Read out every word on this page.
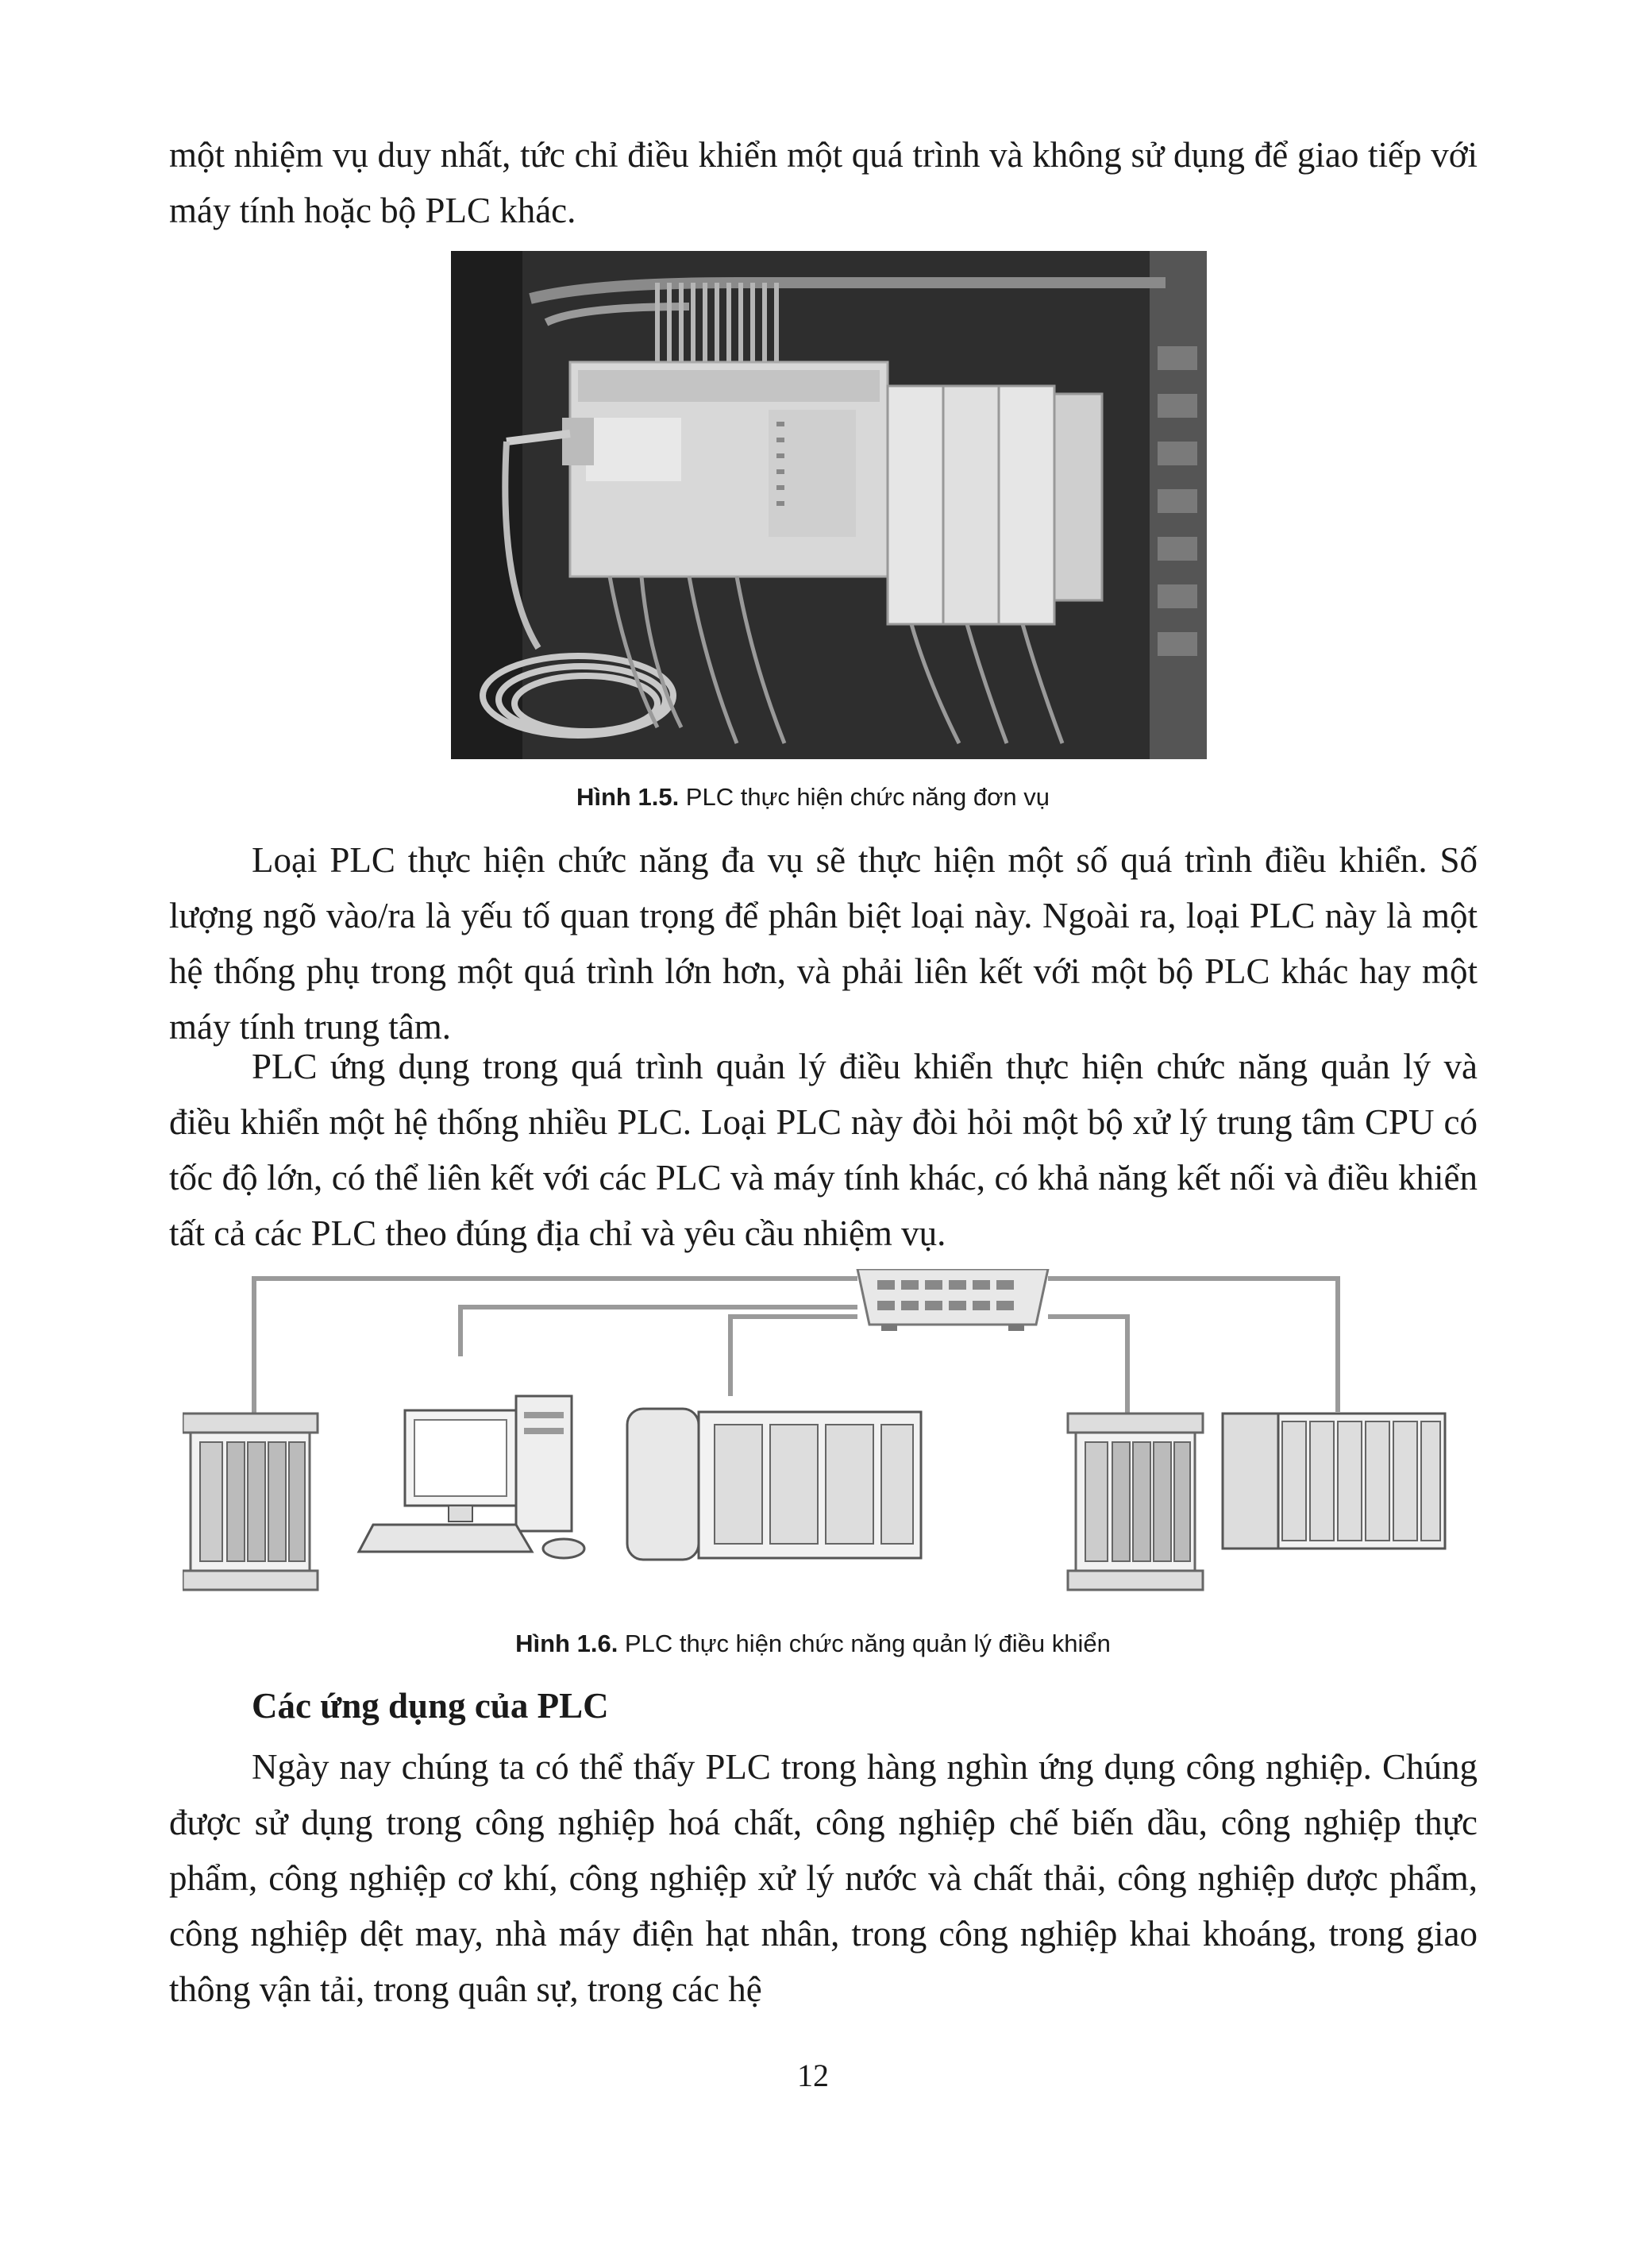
một nhiệm vụ duy nhất, tức chỉ điều khiển một quá trình và không sử dụng để giao tiếp với máy tính hoặc bộ PLC khác.

Hình 1.5. PLC thực hiện chức năng đơn vụ

Loại PLC thực hiện chức năng đa vụ sẽ thực hiện một số quá trình điều khiển. Số lượng ngõ vào/ra là yếu tố quan trọng để phân biệt loại này. Ngoài ra, loại PLC này là một hệ thống phụ trong một quá trình lớn hơn, và phải liên kết với một bộ PLC khác hay một máy tính trung tâm.

PLC ứng dụng trong quá trình quản lý điều khiển thực hiện chức năng quản lý và điều khiển một hệ thống nhiều PLC. Loại PLC này đòi hỏi một bộ xử lý trung tâm CPU có tốc độ lớn, có thể liên kết với các PLC và máy tính khác, có khả năng kết nối và điều khiển tất cả các PLC theo đúng địa chỉ và yêu cầu nhiệm vụ.

Hình 1.6. PLC thực hiện chức năng quản lý điều khiển

Các ứng dụng của PLC

Ngày nay chúng ta có thể thấy PLC trong hàng nghìn ứng dụng công nghiệp. Chúng được sử dụng trong công nghiệp hoá chất, công nghiệp chế biến dầu, công nghiệp thực phẩm, công nghiệp cơ khí, công nghiệp xử lý nước và chất thải, công nghiệp dược phẩm, công nghiệp dệt may, nhà máy điện hạt nhân, trong công nghiệp khai khoáng, trong giao thông vận tải, trong quân sự, trong các hệ

12
